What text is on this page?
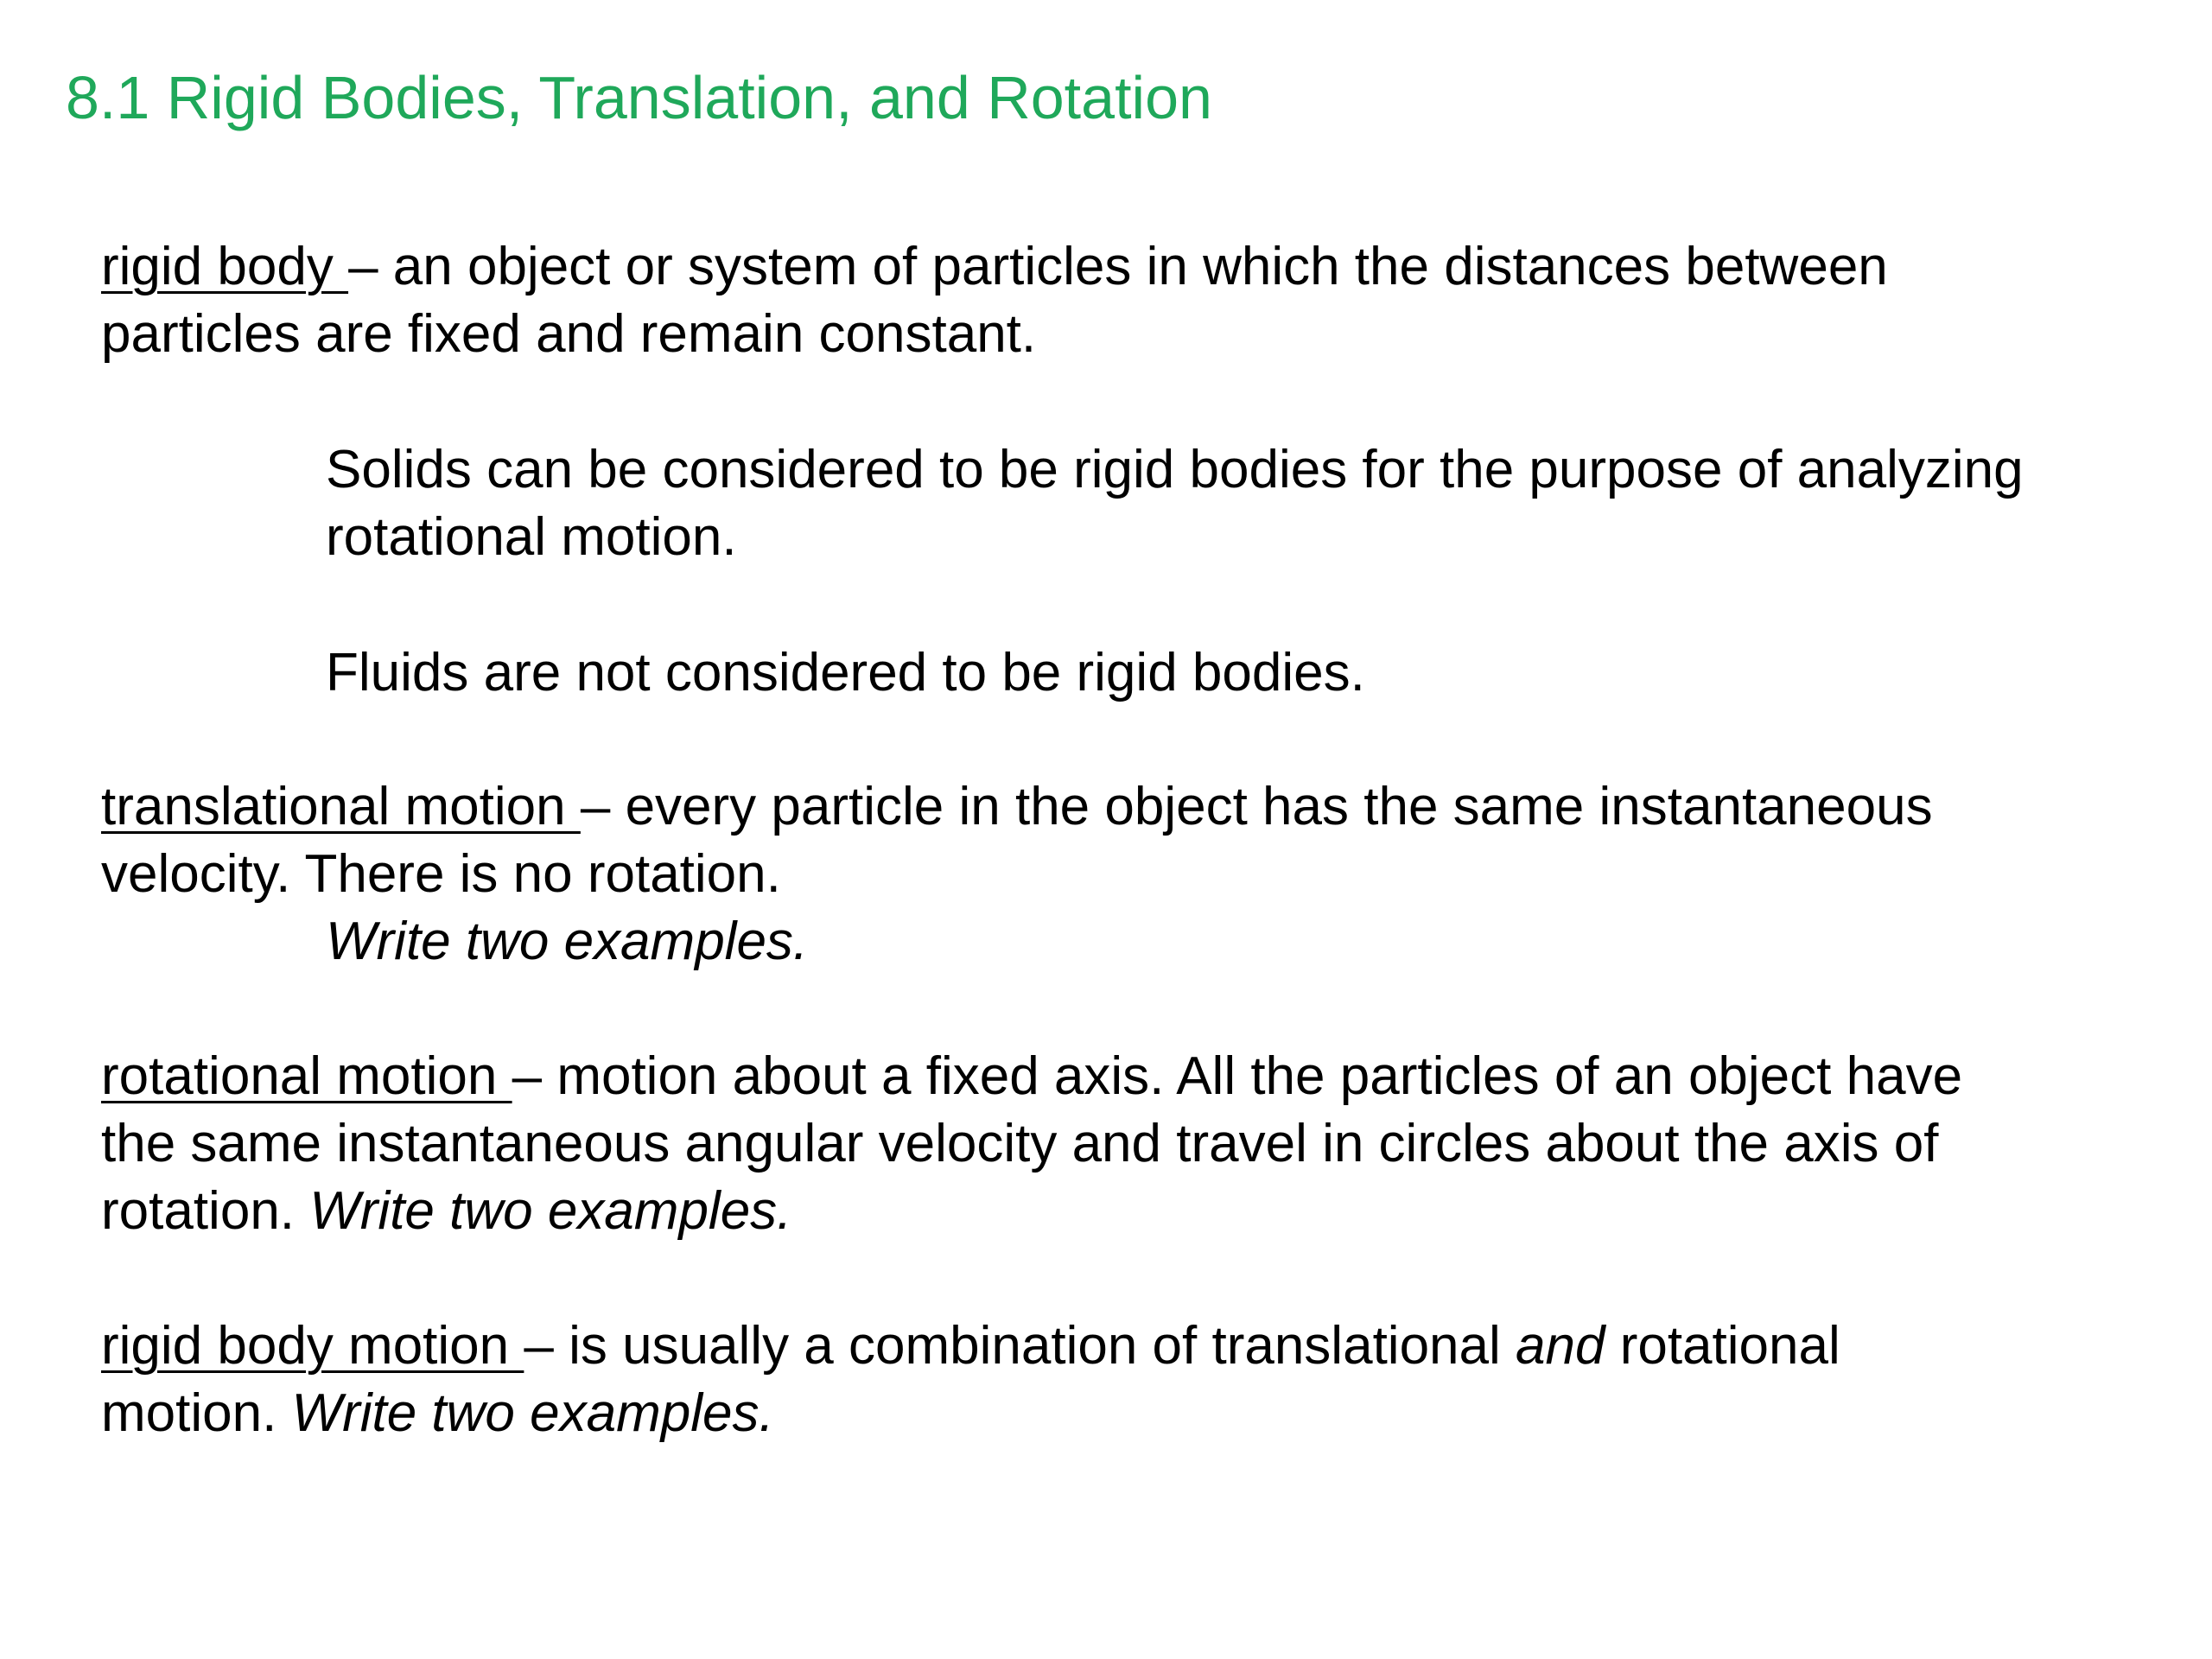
8.1 Rigid Bodies, Translation, and Rotation

rigid body – an object or system of particles in which the distances between
particles are fixed and remain constant.

Solids can be considered to be rigid bodies for the purpose of analyzing
rotational motion.

Fluids are not considered to be rigid bodies.

translational motion – every particle in the object has the same instantaneous
velocity. There is no rotation.
Write two examples.

rotational motion – motion about a fixed axis. All the particles of an object have
the same instantaneous angular velocity and travel in circles about the axis of
rotation. Write two examples.

rigid body motion – is usually a combination of translational and rotational
motion. Write two examples.
